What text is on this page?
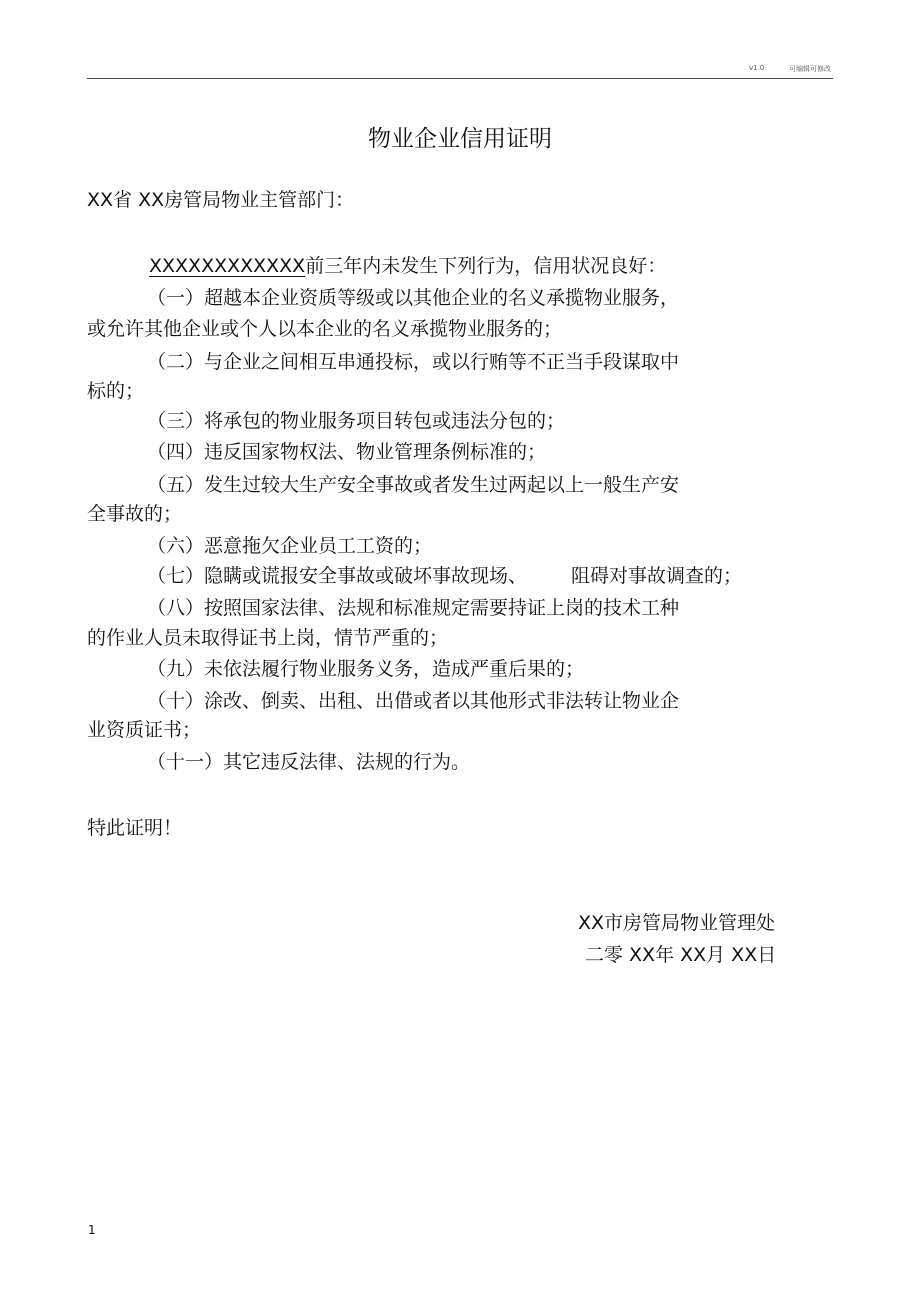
v1.0	可编辑可修改
物业企业信用证明
XX省 XX房管局物业主管部门：
XXXXXXXXXXXX前三年内未发生下列行为，信用状况良好：
（一）超越本企业资质等级或以其他企业的名义承揽物业服务，
或允许其他企业或个人以本企业的名义承揽物业服务的；
（二）与企业之间相互串通投标，或以行贿等不正当手段谋取中
标的；
（三）将承包的物业服务项目转包或违法分包的；
（四）违反国家物权法、物业管理条例标准的；
（五）发生过较大生产安全事故或者发生过两起以上一般生产安
全事故的；
（六）恶意拖欠企业员工工资的；
（七）隐瞒或谎报安全事故或破坏事故现场、 阻碍对事故调查的；
（八）按照国家法律、法规和标准规定需要持证上岗的技术工种
的作业人员未取得证书上岗，情节严重的；
（九）未依法履行物业服务义务，造成严重后果的；
（十）涂改、倒卖、出租、出借或者以其他形式非法转让物业企
业资质证书；
（十一）其它违反法律、法规的行为。
特此证明！
XX市房管局物业管理处
二零 XX年 XX月 XX日
1
